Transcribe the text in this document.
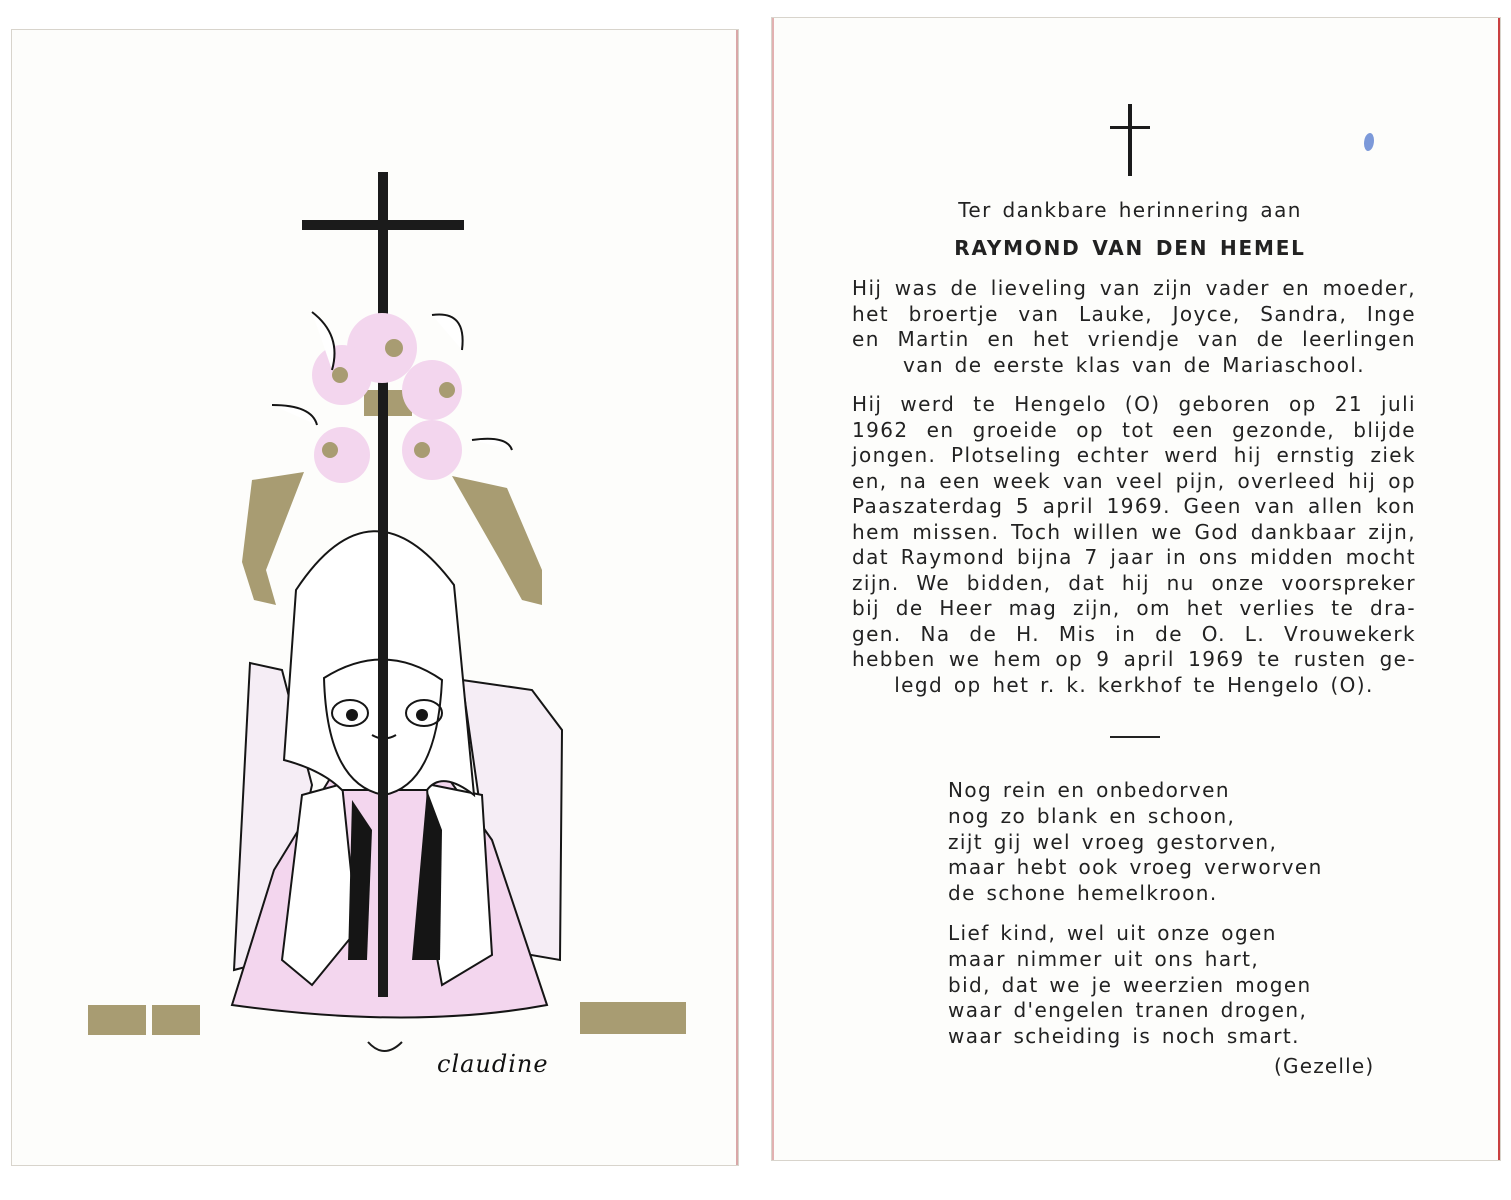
claudine
Ter dankbare herinnering aan
RAYMOND VAN DEN HEMEL
Hij was de lieveling van zijn vader en moeder,
het broertje van Lauke, Joyce, Sandra, Inge
en Martin en het vriendje van de leerlingen
van de eerste klas van de Mariaschool.
Hij werd te Hengelo (O) geboren op 21 juli
1962 en groeide op tot een gezonde, blijde
jongen. Plotseling echter werd hij ernstig ziek
en, na een week van veel pijn, overleed hij op
Paaszaterdag 5 april 1969. Geen van allen kon
hem missen. Toch willen we God dankbaar zijn,
dat Raymond bijna 7 jaar in ons midden mocht
zijn. We bidden, dat hij nu onze voorspreker
bij de Heer mag zijn, om het verlies te dra-
gen. Na de H. Mis in de O. L. Vrouwekerk
hebben we hem op 9 april 1969 te rusten ge-
legd op het r. k. kerkhof te Hengelo (O).
Nog rein en onbedorven
nog zo blank en schoon,
zijt gij wel vroeg gestorven,
maar hebt ook vroeg verworven
de schone hemelkroon.
Lief kind, wel uit onze ogen
maar nimmer uit ons hart,
bid, dat we je weerzien mogen
waar d'engelen tranen drogen,
waar scheiding is noch smart.
(Gezelle)
